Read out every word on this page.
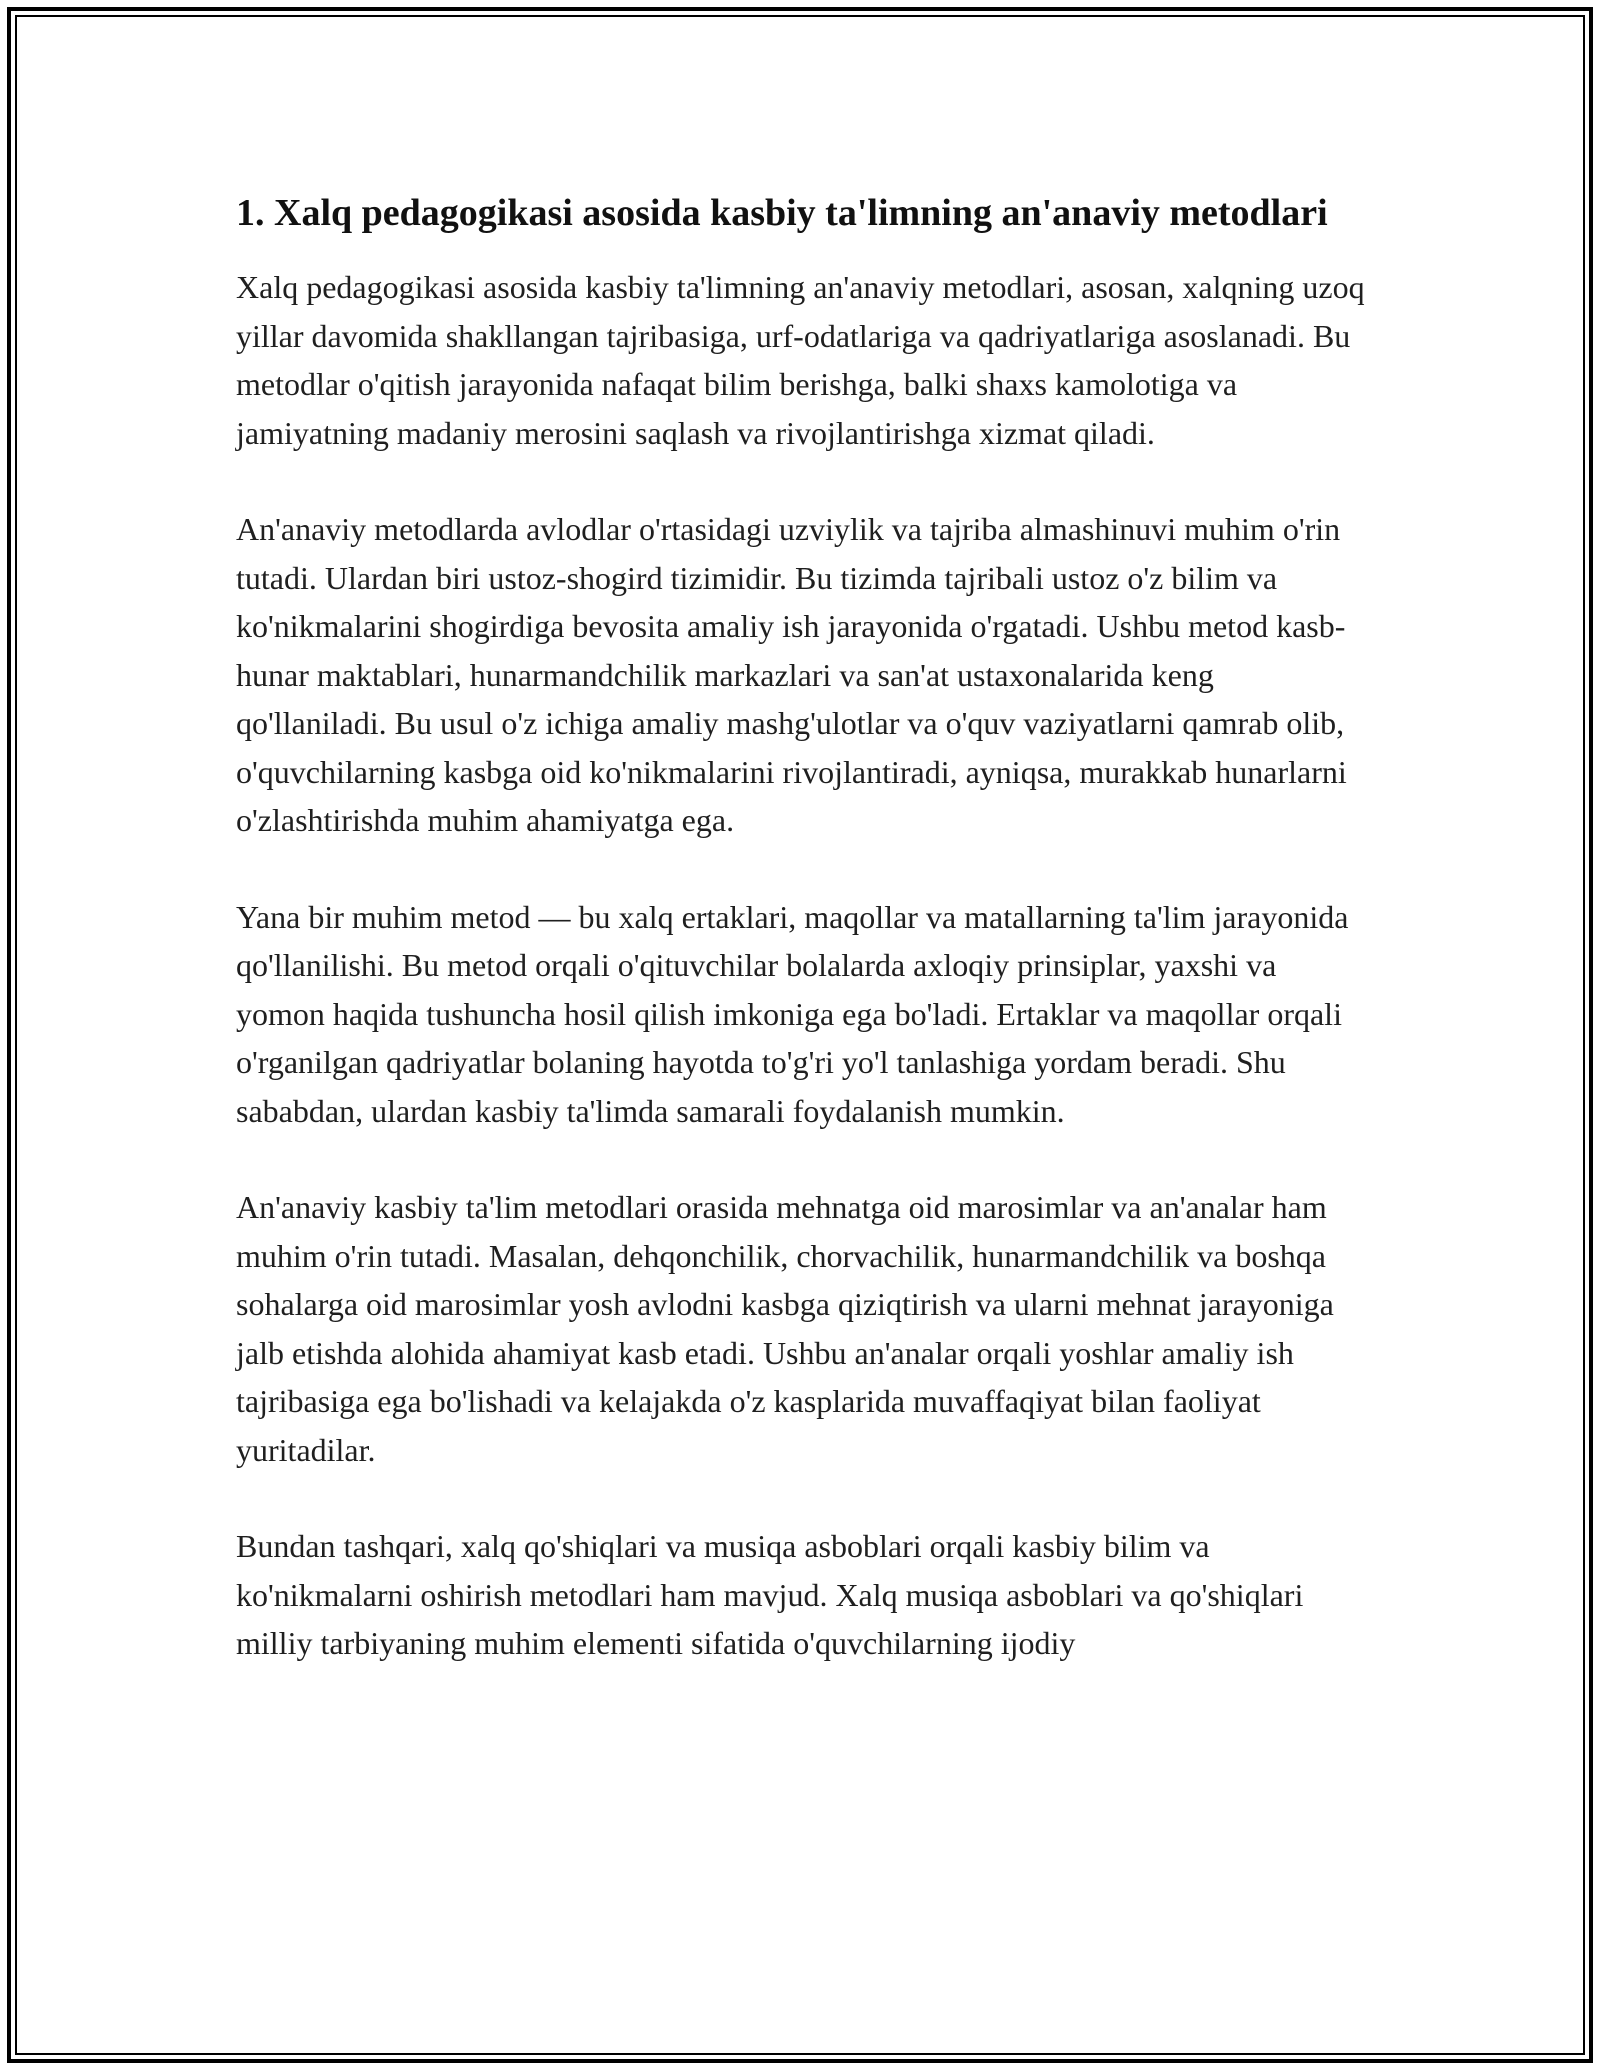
1. Xalq pedagogikasi asosida kasbiy ta'limning an'anaviy metodlari

Xalq pedagogikasi asosida kasbiy ta'limning an'anaviy metodlari, asosan, xalqning uzoq yillar davomida shakllangan tajribasiga, urf-odatlariga va qadriyatlariga asoslanadi. Bu metodlar o'qitish jarayonida nafaqat bilim berishga, balki shaxs kamolotiga va jamiyatning madaniy merosini saqlash va rivojlantirishga xizmat qiladi.

An'anaviy metodlarda avlodlar o'rtasidagi uzviylik va tajriba almashinuvi muhim o'rin tutadi. Ulardan biri ustoz-shogird tizimidir. Bu tizimda tajribali ustoz o'z bilim va ko'nikmalarini shogirdiga bevosita amaliy ish jarayonida o'rgatadi. Ushbu metod kasb-hunar maktablari, hunarmandchilik markazlari va san'at ustaxonalarida keng qo'llaniladi. Bu usul o'z ichiga amaliy mashg'ulotlar va o'quv vaziyatlarni qamrab olib, o'quvchilarning kasbga oid ko'nikmalarini rivojlantiradi, ayniqsa, murakkab hunarlarni o'zlashtirishda muhim ahamiyatga ega.

Yana bir muhim metod — bu xalq ertaklari, maqollar va matallarning ta'lim jarayonida qo'llanilishi. Bu metod orqali o'qituvchilar bolalarda axloqiy prinsiplar, yaxshi va yomon haqida tushuncha hosil qilish imkoniga ega bo'ladi. Ertaklar va maqollar orqali o'rganilgan qadriyatlar bolaning hayotda to'g'ri yo'l tanlashiga yordam beradi. Shu sababdan, ulardan kasbiy ta'limda samarali foydalanish mumkin.

An'anaviy kasbiy ta'lim metodlari orasida mehnatga oid marosimlar va an'analar ham muhim o'rin tutadi. Masalan, dehqonchilik, chorvachilik, hunarmandchilik va boshqa sohalarga oid marosimlar yosh avlodni kasbga qiziqtirish va ularni mehnat jarayoniga jalb etishda alohida ahamiyat kasb etadi. Ushbu an'analar orqali yoshlar amaliy ish tajribasiga ega bo'lishadi va kelajakda o'z kasplarida muvaffaqiyat bilan faoliyat yuritadilar.

Bundan tashqari, xalq qo'shiqlari va musiqa asboblari orqali kasbiy bilim va ko'nikmalarni oshirish metodlari ham mavjud. Xalq musiqa asboblari va qo'shiqlari milliy tarbiyaning muhim elementi sifatida o'quvchilarning ijodiy
